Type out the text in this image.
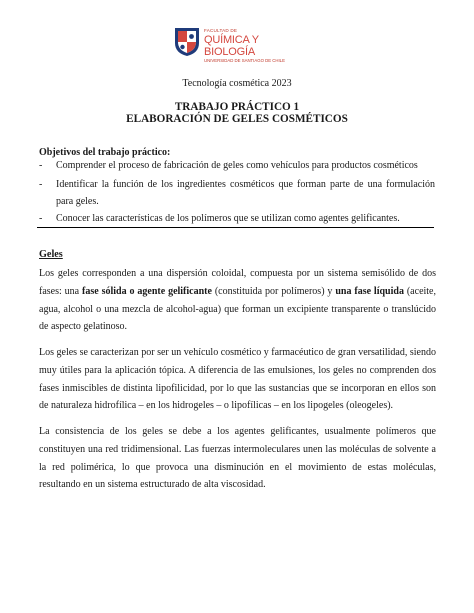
FACULTAD DE
QUÍMICA Y BIOLOGÍA
UNIVERSIDAD DE SANTIAGO DE CHILE
Tecnología cosmética 2023
TRABAJO PRÁCTICO 1
ELABORACIÓN DE GELES COSMÉTICOS
Objetivos del trabajo práctico:
- Comprender el proceso de fabricación de geles como vehículos para productos cosméticos
- Identificar la función de los ingredientes cosméticos que forman parte de una formulación para geles.
- Conocer las características de los polímeros que se utilizan como agentes gelificantes.
Geles
Los geles corresponden a una dispersión coloidal, compuesta por un sistema semisólido de dos fases: una fase sólida o agente gelificante (constituida por polímeros) y una fase líquida (aceite, agua, alcohol o una mezcla de alcohol-agua) que forman un excipiente transparente o translúcido de aspecto gelatinoso.
Los geles se caracterizan por ser un vehículo cosmético y farmacéutico de gran versatilidad, siendo muy útiles para la aplicación tópica. A diferencia de las emulsiones, los geles no comprenden dos fases inmiscibles de distinta lipofilicidad, por lo que las sustancias que se incorporan en ellos son de naturaleza hidrofílica – en los hidrogeles – o lipofílicas – en los lipogeles (oleogeles).
La consistencia de los geles se debe a los agentes gelificantes, usualmente polímeros que constituyen una red tridimensional. Las fuerzas intermoleculares unen las moléculas de solvente a la red polimérica, lo que provoca una disminución en el movimiento de estas moléculas, resultando en un sistema estructurado de alta viscosidad.
